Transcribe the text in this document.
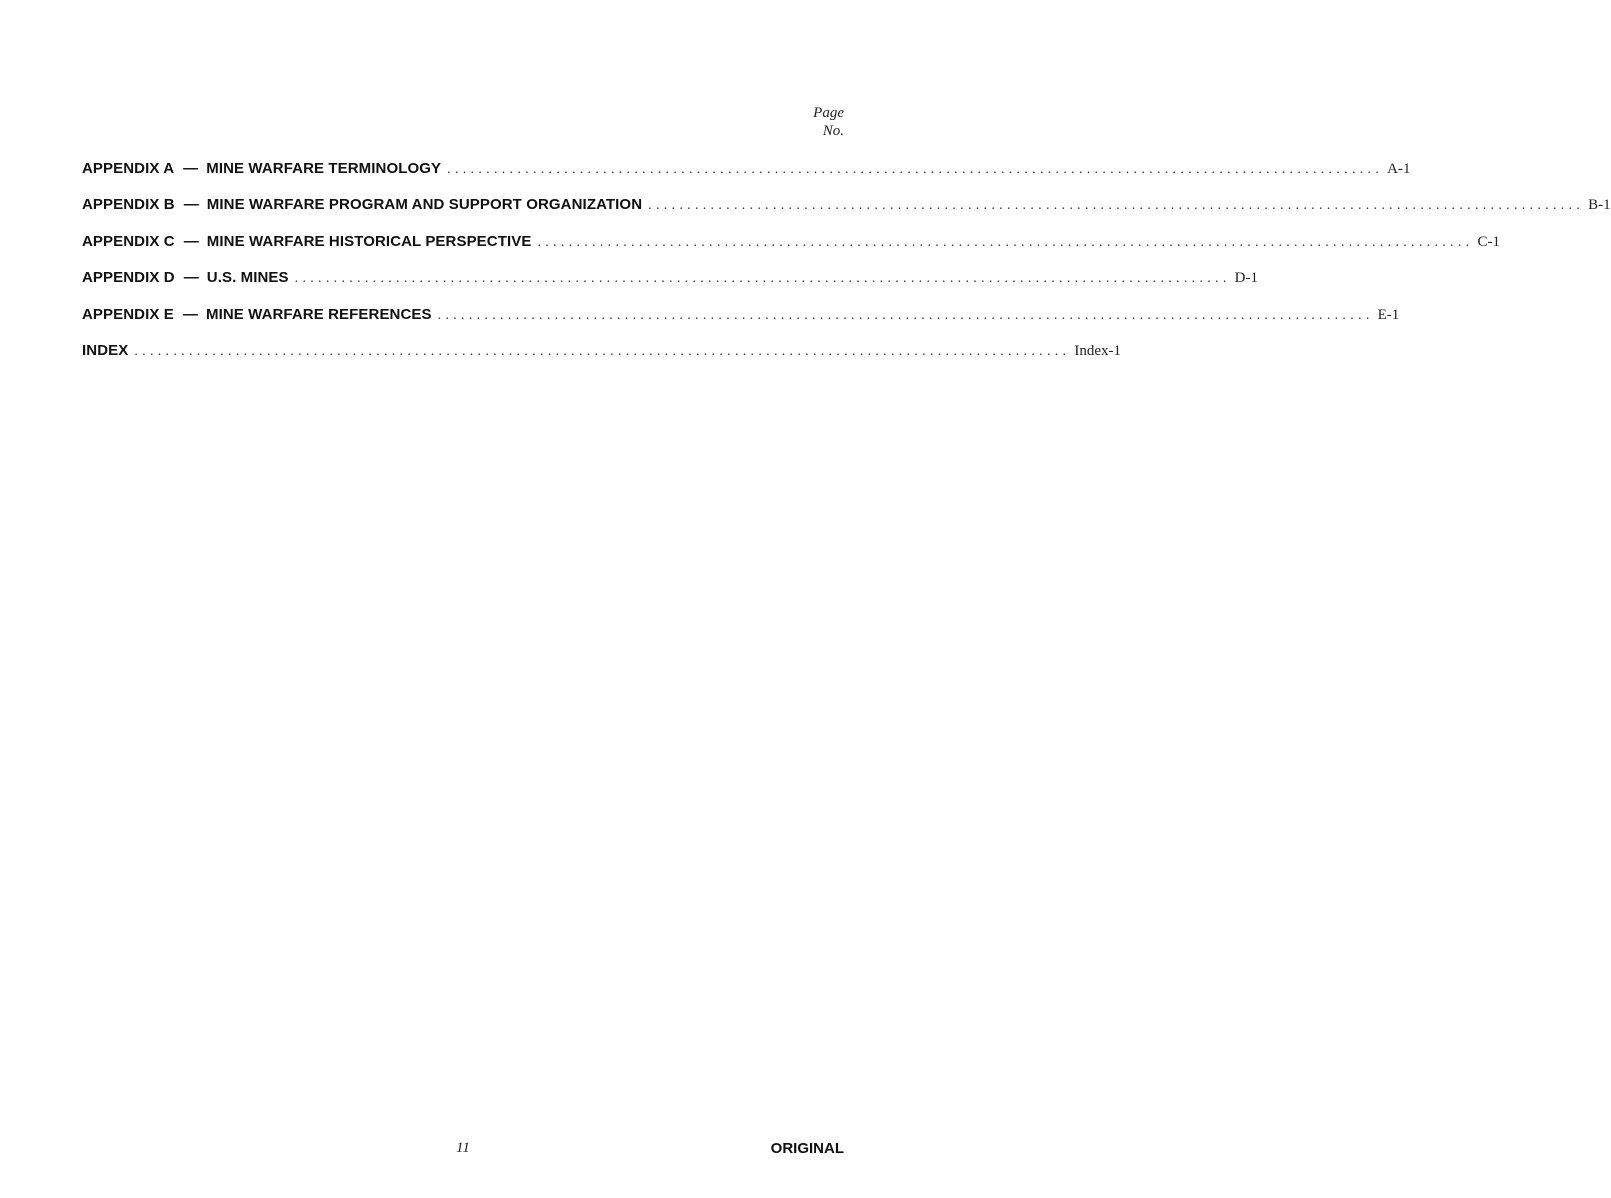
Page
No.
APPENDIX A — MINE WARFARE TERMINOLOGY ........................................................................................................................ A-1
APPENDIX B — MINE WARFARE PROGRAM AND SUPPORT ORGANIZATION ........................................................................................................................ B-1
APPENDIX C — MINE WARFARE HISTORICAL PERSPECTIVE ........................................................................................................................ C-1
APPENDIX D — U.S. MINES ........................................................................................................................ D-1
APPENDIX E — MINE WARFARE REFERENCES ........................................................................................................................ E-1
INDEX ........................................................................................................................ Index-1
11	ORIGINAL
